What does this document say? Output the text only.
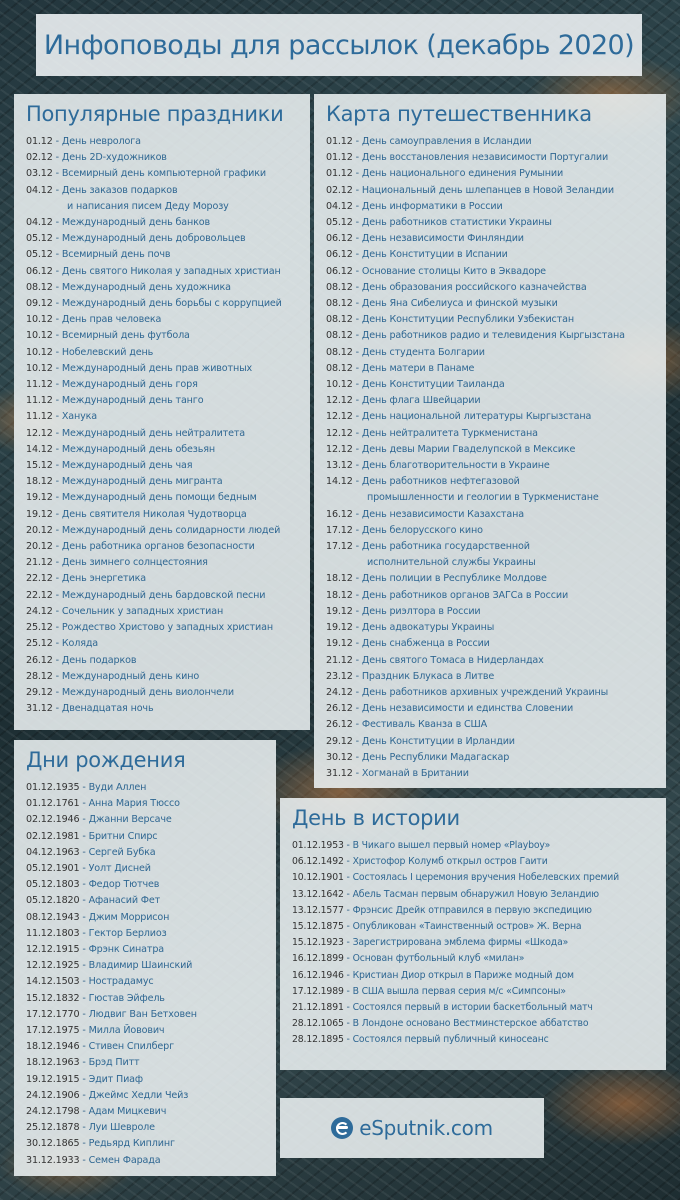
Инфоповоды для рассылок (декабрь 2020)
Популярные праздники
01.12 - День невролога
02.12 - День 2D-художников
03.12 - Всемирный день компьютерной графики
04.12 - День заказов подарков
и написания писем Деду Морозу
04.12 - Международный день банков
05.12 - Международный день добровольцев
05.12 - Всемирный день почв
06.12 - День святого Николая у западных христиан
08.12 - Международный день художника
09.12 - Международный день борьбы с коррупцией
10.12 - День прав человека
10.12 - Всемирный день футбола
10.12 - Нобелевский день
10.12 - Международный день прав животных
11.12 - Международный день горя
11.12 - Международный день танго
11.12 - Ханука
12.12 - Международный день нейтралитета
14.12 - Международный день обезьян
15.12 - Международный день чая
18.12 - Международный день мигранта
19.12 - Международный день помощи бедным
19.12 - День святителя Николая Чудотворца
20.12 - Международный день солидарности людей
20.12 - День работника органов безопасности
21.12 - День зимнего солнцестояния
22.12 - День энергетика
22.12 - Международный день бардовской песни
24.12 - Сочельник у западных христиан
25.12 - Рождество Христово у западных христиан
25.12 - Коляда
26.12 - День подарков
28.12 - Международный день кино
29.12 - Международный день виолончели
31.12 - Двенадцатая ночь
Карта путешественника
01.12 - День самоуправления в Исландии
01.12 - День восстановления независимости Португалии
01.12 - День национального единения Румынии
02.12 - Национальный день шлепанцев в Новой Зеландии
04.12 - День информатики в России
05.12 - День работников статистики Украины
06.12 - День независимости Финляндии
06.12 - День Конституции в Испании
06.12 - Основание столицы Кито в Эквадоре
08.12 - День образования российского казначейства
08.12 - День Яна Сибелиуса и финской музыки
08.12 - День Конституции Республики Узбекистан
08.12 - День работников радио и телевидения Кыргызстана
08.12 - День студента Болгарии
08.12 - День матери в Панаме
10.12 - День Конституции Таиланда
12.12 - День флага Швейцарии
12.12 - День национальной литературы Кыргызстана
12.12 - День нейтралитета Туркменистана
12.12 - День девы Марии Гваделупской в Мексике
13.12 - День благотворительности в Украине
14.12 - День работников нефтегазовой
промышленности и геологии в Туркменистане
16.12 - День независимости Казахстана
17.12 - День белорусского кино
17.12 - День работника государственной
исполнительной службы Украины
18.12 - День полиции в Республике Молдове
18.12 - День работников органов ЗАГСа в России
19.12 - День риэлтора в России
19.12 - День адвокатуры Украины
19.12 - День снабженца в России
21.12 - День святого Томаса в Нидерландах
23.12 - Праздник Блукаса в Литве
24.12 - День работников архивных учреждений Украины
26.12 - День независимости и единства Словении
26.12 - Фестиваль Кванза в США
29.12 - День Конституции в Ирландии
30.12 - День Республики Мадагаскар
31.12 - Хогманай в Британии
Дни рождения
01.12.1935 - Вуди Аллен
01.12.1761 - Анна Мария Тюссо
02.12.1946 - Джанни Версаче
02.12.1981 - Бритни Спирс
04.12.1963 - Сергей Бубка
05.12.1901 - Уолт Дисней
05.12.1803 - Федор Тютчев
05.12.1820 - Афанасий Фет
08.12.1943 - Джим Моррисон
11.12.1803 - Гектор Берлиоз
12.12.1915 - Фрэнк Синатра
12.12.1925 - Владимир Шаинский
14.12.1503 - Нострадамус
15.12.1832 - Гюстав Эйфель
17.12.1770 - Людвиг Ван Бетховен
17.12.1975 - Милла Йовович
18.12.1946 - Стивен Спилберг
18.12.1963 - Брэд Питт
19.12.1915 - Эдит Пиаф
24.12.1906 - Джеймс Хедли Чейз
24.12.1798 - Адам Мицкевич
25.12.1878 - Луи Шевроле
30.12.1865 - Редьярд Киплинг
31.12.1933 - Семен Фарада
День в истории
01.12.1953 - В Чикаго вышел первый номер «Playboy»
06.12.1492 - Христофор Колумб открыл остров Гаити
10.12.1901 - Состоялась I церемония вручения Нобелевских премий
13.12.1642 - Абель Тасман первым обнаружил Новую Зеландию
13.12.1577 - Фрэнсис Дрейк отправился в первую экспедицию
15.12.1875 - Опубликован «Таинственный остров» Ж. Верна
15.12.1923 - Зарегистрирована эмблема фирмы «Шкода»
16.12.1899 - Основан футбольный клуб «милан»
16.12.1946 - Кристиан Диор открыл в Париже модный дом
17.12.1989 - В США вышла первая серия м/с «Симпсоны»
21.12.1891 - Состоялся первый в истории баскетбольный матч
28.12.1065 - В Лондоне основано Вестминстерское аббатство
28.12.1895 - Состоялся первый публичный киносеанс
eSputnik.com
